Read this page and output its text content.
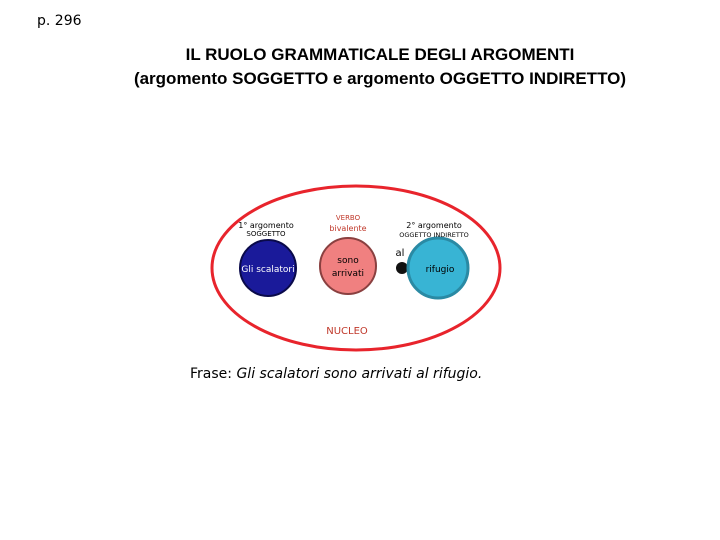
p. 296
IL RUOLO GRAMMATICALE DEGLI ARGOMENTI
(argomento SOGGETTO e argomento OGGETTO INDIRETTO)
1° argomento
SOGGETTO
Gli scalatori
VERBO
bivalente
sono
arrivati
2° argomento
OGGETTO INDIRETTO
rifugio
al
NUCLEO
Frase: Gli scalatori sono arrivati al rifugio.
